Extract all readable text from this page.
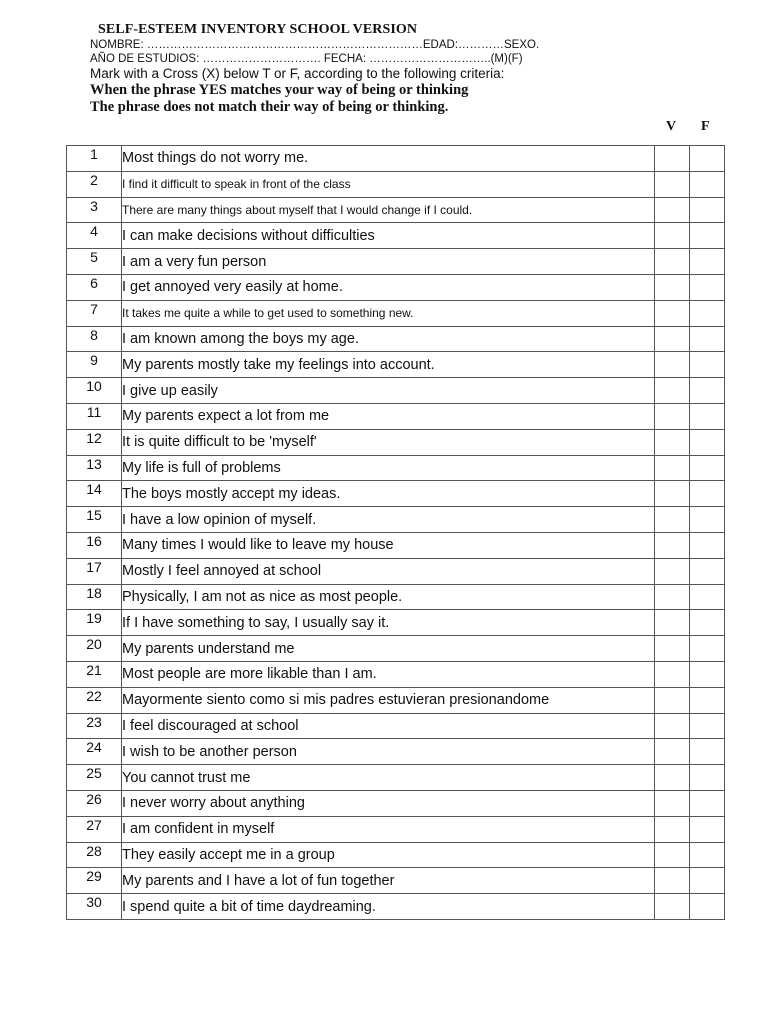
SELF-ESTEEM INVENTORY SCHOOL VERSION
NOMBRE: ………………………………………………………………EDAD:…………SEXO.
AÑO DE ESTUDIOS: …………………………. FECHA: …………………………..(M)(F)
Mark with a Cross (X) below T or F, according to the following criteria:
When the phrase YES matches your way of being or thinking
The phrase does not match their way of being or thinking.
V F
1	Most things do not worry me.		
2	I find it difficult to speak in front of the class		
3	There are many things about myself that I would change if I could.		
4	I can make decisions without difficulties		
5	I am a very fun person		
6	I get annoyed very easily at home.		
7	It takes me quite a while to get used to something new.		
8	I am known among the boys my age.		
9	My parents mostly take my feelings into account.		
10	I give up easily		
11	My parents expect a lot from me		
12	It is quite difficult to be 'myself'		
13	My life is full of problems		
14	The boys mostly accept my ideas.		
15	I have a low opinion of myself.		
16	Many times I would like to leave my house		
17	Mostly I feel annoyed at school		
18	Physically, I am not as nice as most people.		
19	If I have something to say, I usually say it.		
20	My parents understand me		
21	Most people are more likable than I am.		
22	Mayormente siento como si mis padres estuvieran presionandome		
23	I feel discouraged at school		
24	I wish to be another person		
25	You cannot trust me		
26	I never worry about anything		
27	I am confident in myself		
28	They easily accept me in a group		
29	My parents and I have a lot of fun together		
30	I spend quite a bit of time daydreaming.		
